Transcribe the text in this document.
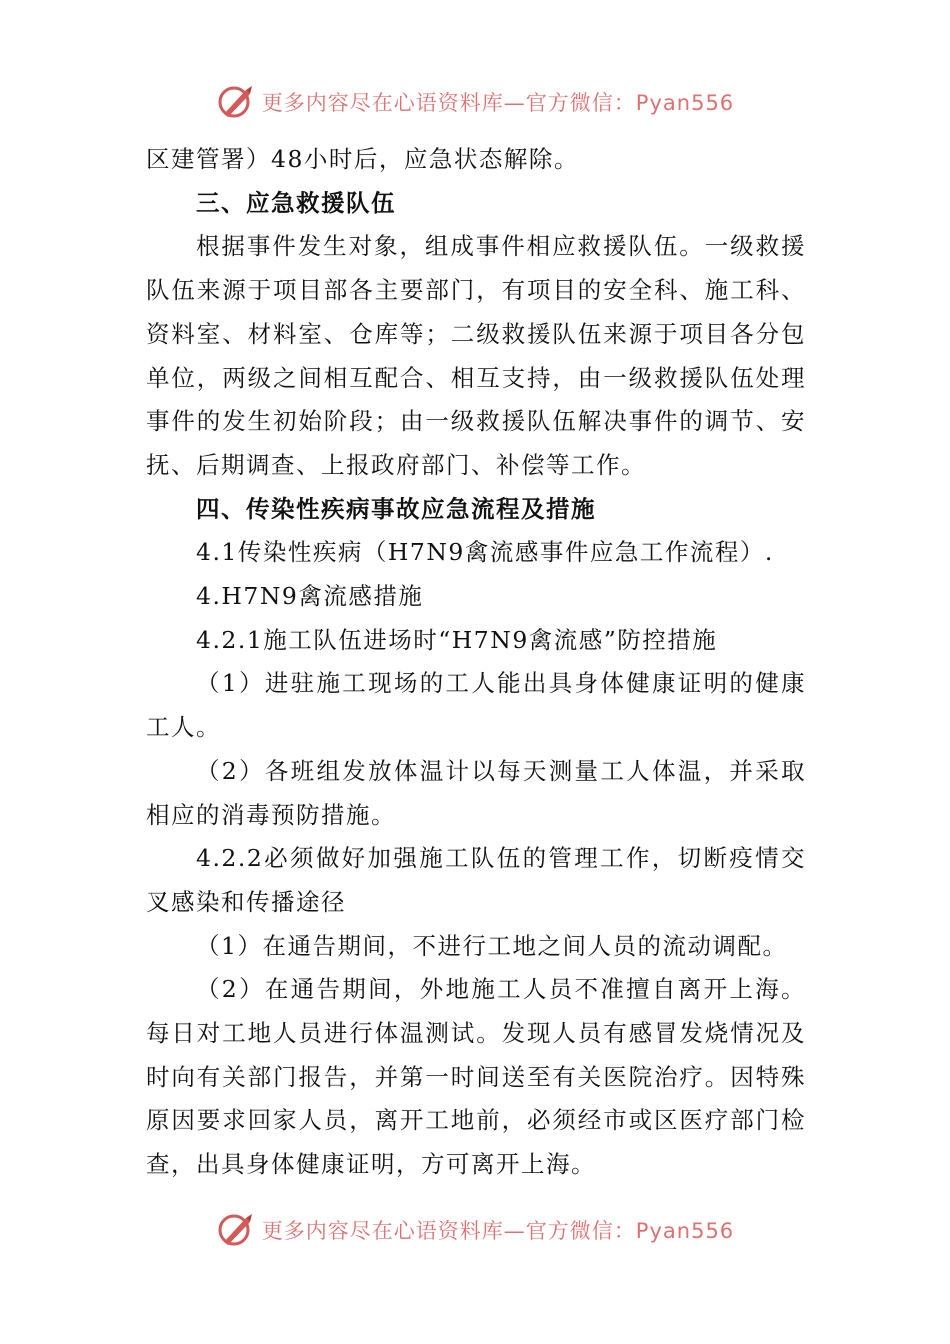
更多内容尽在心语资料库—官方微信：Pyan556

区建管署）48小时后，应急状态解除。

三、应急救援队伍

根据事件发生对象，组成事件相应救援队伍。一级救援队伍来源于项目部各主要部门，有项目的安全科、施工科、资料室、材料室、仓库等；二级救援队伍来源于项目各分包单位，两级之间相互配合、相互支持，由一级救援队伍处理事件的发生初始阶段；由一级救援队伍解决事件的调节、安抚、后期调查、上报政府部门、补偿等工作。

四、传染性疾病事故应急流程及措施

4.1传染性疾病（H7N9禽流感事件应急工作流程）.

4.H7N9禽流感措施

4.2.1施工队伍进场时“H7N9禽流感”防控措施

（1）进驻施工现场的工人能出具身体健康证明的健康工人。

（2）各班组发放体温计以每天测量工人体温，并采取相应的消毒预防措施。

4.2.2必须做好加强施工队伍的管理工作，切断疫情交叉感染和传播途径

（1）在通告期间，不进行工地之间人员的流动调配。

（2）在通告期间，外地施工人员不准擅自离开上海。每日对工地人员进行体温测试。发现人员有感冒发烧情况及时向有关部门报告，并第一时间送至有关医院治疗。因特殊原因要求回家人员，离开工地前，必须经市或区医疗部门检查，出具身体健康证明，方可离开上海。

更多内容尽在心语资料库—官方微信：Pyan556
